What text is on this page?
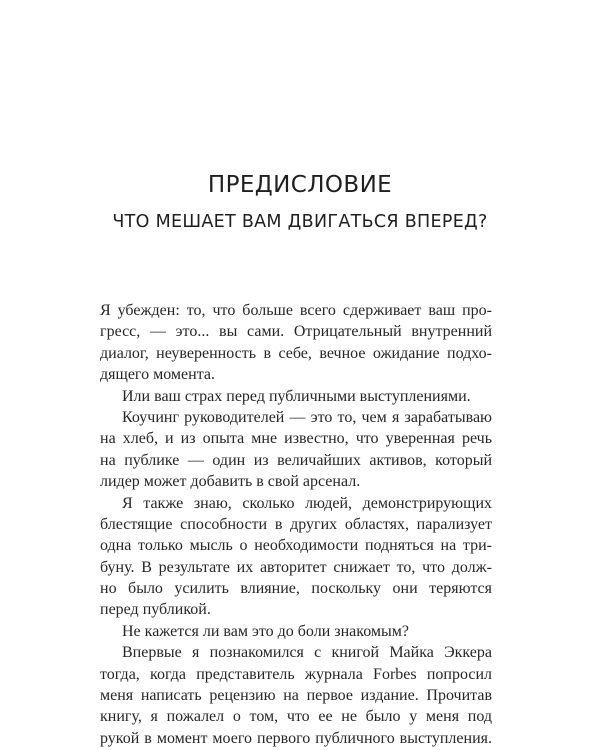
ПРЕДИСЛОВИЕ
ЧТО МЕШАЕТ ВАМ ДВИГАТЬСЯ ВПЕРЕД?
Я убежден: то, что больше всего сдерживает ваш про-
гресс, — это... вы сами. Отрицательный внутренний
диалог, неуверенность в себе, вечное ожидание подхо-
дящего момента.
Или ваш страх перед публичными выступлениями.
Коучинг руководителей — это то, чем я зарабатываю
на хлеб, и из опыта мне известно, что уверенная речь
на публике — один из величайших активов, который
лидер может добавить в свой арсенал.
Я также знаю, сколько людей, демонстрирующих
блестящие способности в других областях, парализует
одна только мысль о необходимости подняться на три-
буну. В результате их авторитет снижает то, что долж-
но было усилить влияние, поскольку они теряются
перед публикой.
Не кажется ли вам это до боли знакомым?
Впервые я познакомился с книгой Майка Эккера
тогда, когда представитель журнала Forbes попросил
меня написать рецензию на первое издание. Прочитав
книгу, я пожалел о том, что ее не было у меня под
рукой в момент моего первого публичного выступления.
